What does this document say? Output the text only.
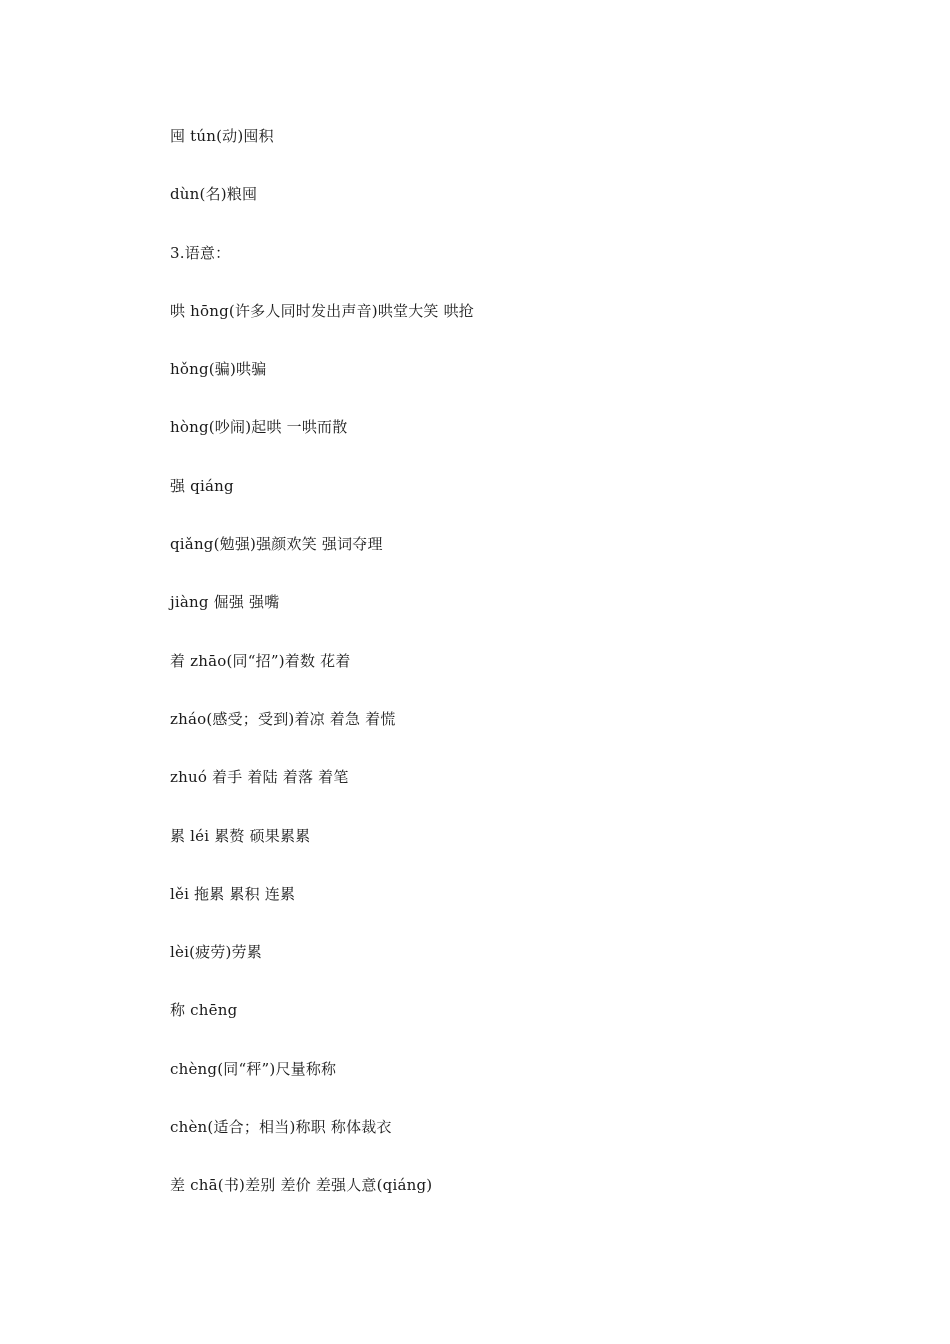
囤 tún(动)囤积
dùn(名)粮囤
3.语意：
哄 hōng(许多人同时发出声音)哄堂大笑 哄抢
hǒng(骗)哄骗
hòng(吵闹)起哄 一哄而散
强 qiáng
qiǎng(勉强)强颜欢笑 强词夺理
jiàng 倔强 强嘴
着 zhāo(同“招”)着数 花着
zháo(感受；受到)着凉 着急 着慌
zhuó 着手 着陆 着落 着笔
累 léi 累赘 硕果累累
lěi 拖累 累积 连累
lèi(疲劳)劳累
称 chēng
chèng(同“秤”)尺量称称
chèn(适合；相当)称职 称体裁衣
差 chā(书)差别 差价 差强人意(qiáng)
